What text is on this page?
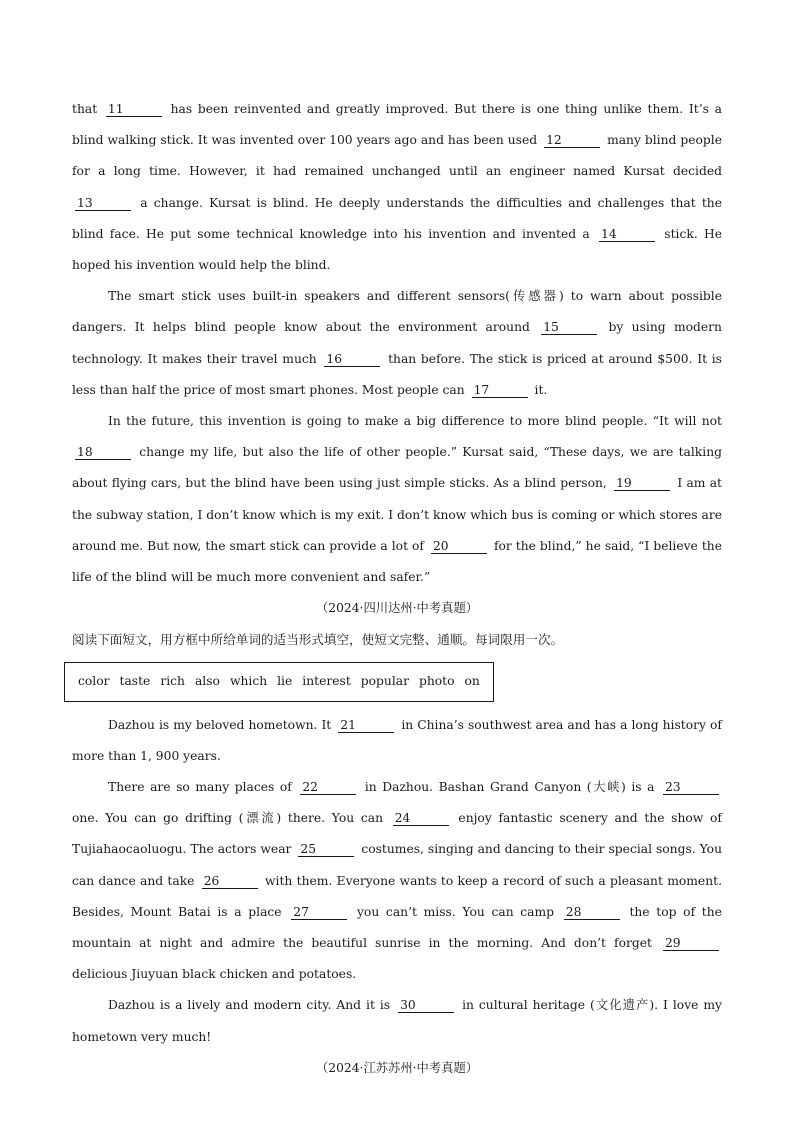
that 11	has been reinvented and greatly improved. But there is one thing unlike them. It’s a blind walking stick. It was invented over 100 years ago and has been used 12	many blind people for a long time. However, it had remained unchanged until an engineer named Kursat decided 13	a change. Kursat is blind. He deeply understands the difficulties and challenges that the blind face. He put some technical knowledge into his invention and invented a 14	stick. He hoped his invention would help the blind.

The smart stick uses built-in speakers and different sensors(传感器) to warn about possible dangers. It helps blind people know about the environment around 15	by using modern technology. It makes their travel much 16	than before. The stick is priced at around $500. It is less than half the price of most smart phones. Most people can 17	it.

In the future, this invention is going to make a big difference to more blind people. “It will not 18	change my life, but also the life of other people.” Kursat said, “These days, we are talking about flying cars, but the blind have been using just simple sticks. As a blind person, 19	I am at the subway station, I don’t know which is my exit. I don’t know which bus is coming or which stores are around me. But now, the smart stick can provide a lot of 20	for the blind,” he said, “I believe the life of the blind will be much more convenient and safer.”

（2024·四川达州·中考真题）

阅读下面短文，用方框中所给单词的适当形式填空，使短文完整、通顺。每词限用一次。

color taste rich also which lie interest popular photo on

Dazhou is my beloved hometown. It 21	in China’s southwest area and has a long history of more than 1, 900 years.

There are so many places of 22	in Dazhou. Bashan Grand Canyon (大峡) is a 23 one. You can go drifting (漂流) there. You can 24	enjoy fantastic scenery and the show of Tujiahaocaoluogu. The actors wear 25	costumes, singing and dancing to their special songs. You can dance and take 26	with them. Everyone wants to keep a record of such a pleasant moment. Besides, Mount Batai is a place 27	you can’t miss. You can camp 28	the top of the mountain at night and admire the beautiful sunrise in the morning. And don’t forget 29 delicious Jiuyuan black chicken and potatoes.

Dazhou is a lively and modern city. And it is 30	in cultural heritage (文化遗产). I love my hometown very much!

（2024·江苏苏州·中考真题）
